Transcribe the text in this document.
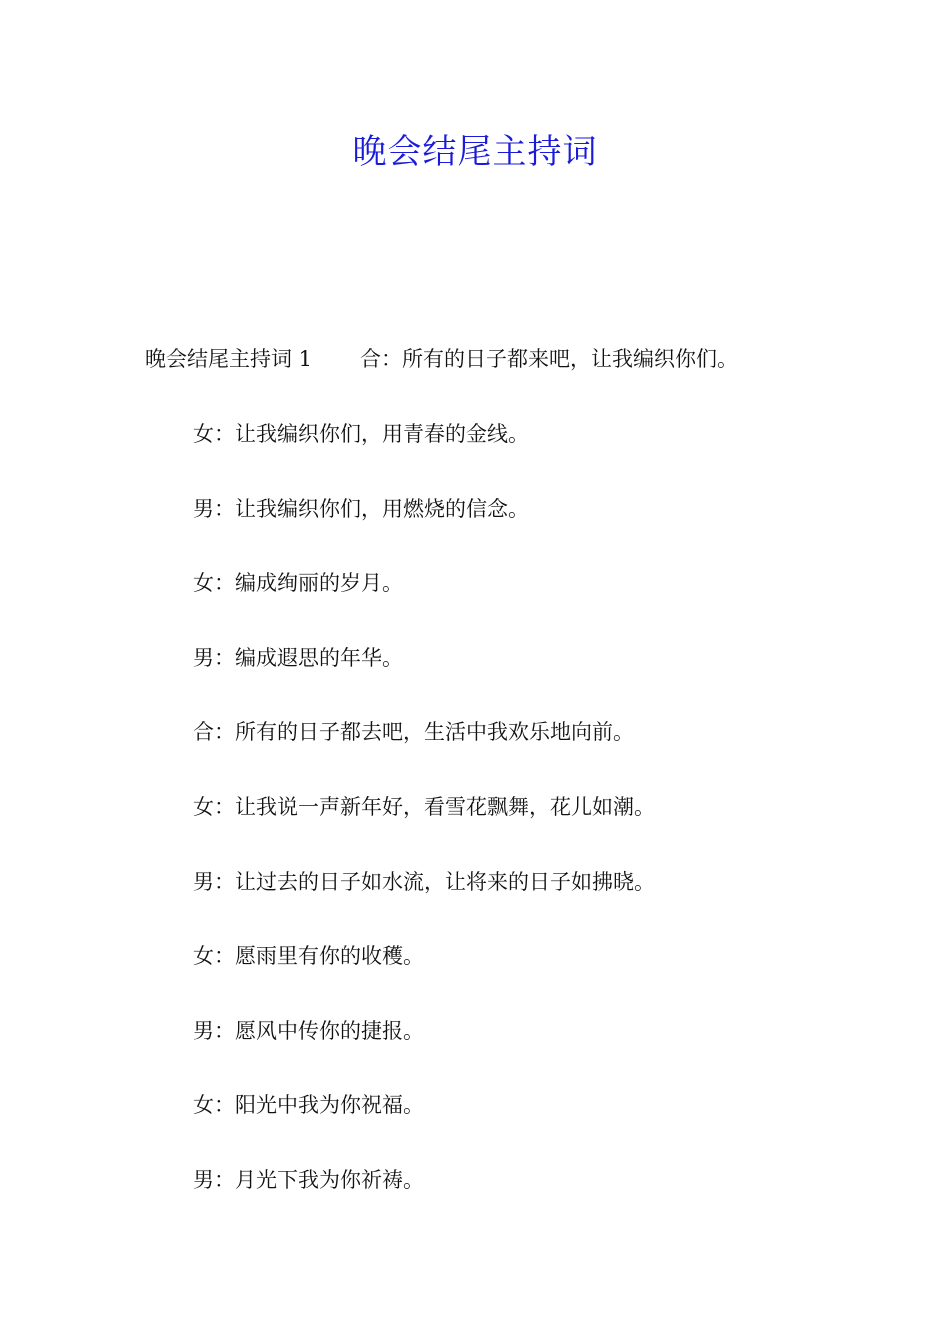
晚会结尾主持词
晚会结尾主持词 1 合：所有的日子都来吧，让我编织你们。
女：让我编织你们，用青春的金线。
男：让我编织你们，用燃烧的信念。
女：编成绚丽的岁月。
男：编成遐思的年华。
合：所有的日子都去吧，生活中我欢乐地向前。
女：让我说一声新年好，看雪花飘舞，花儿如潮。
男：让过去的日子如水流，让将来的日子如拂晓。
女：愿雨里有你的收穫。
男：愿风中传你的捷报。
女：阳光中我为你祝福。
男：月光下我为你祈祷。
